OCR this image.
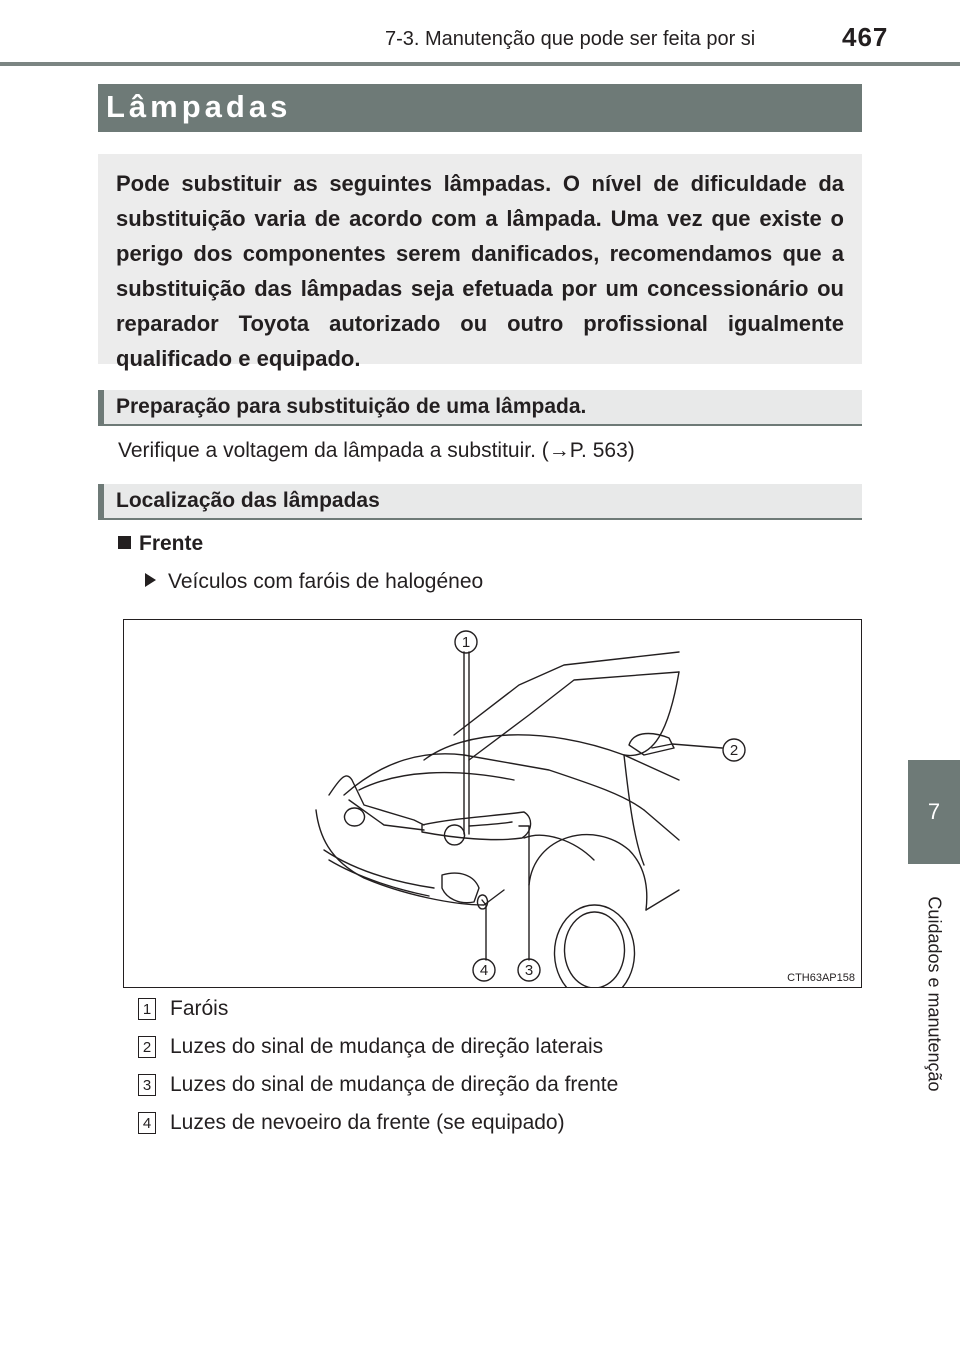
7-3. Manutenção que pode ser feita por si	467
7
Cuidados e manutenção
Lâmpadas

Pode substituir as seguintes lâmpadas. O nível de dificuldade da substituição varia de acordo com a lâmpada. Uma vez que existe o perigo dos componentes serem danificados, recomendamos que a substituição das lâmpadas seja efetuada por um concessionário ou reparador Toyota autorizado ou outro profissional igualmente qualificado e equipado.

Preparação para substituição de uma lâmpada.
Verifique a voltagem da lâmpada a substituir. (→P. 563)
Localização das lâmpadas
Frente
Veículos com faróis de halogéneo
1
2
3
4	CTH63AP158
1 Faróis
2 Luzes do sinal de mudança de direção laterais
3 Luzes do sinal de mudança de direção da frente
4 Luzes de nevoeiro da frente (se equipado)
